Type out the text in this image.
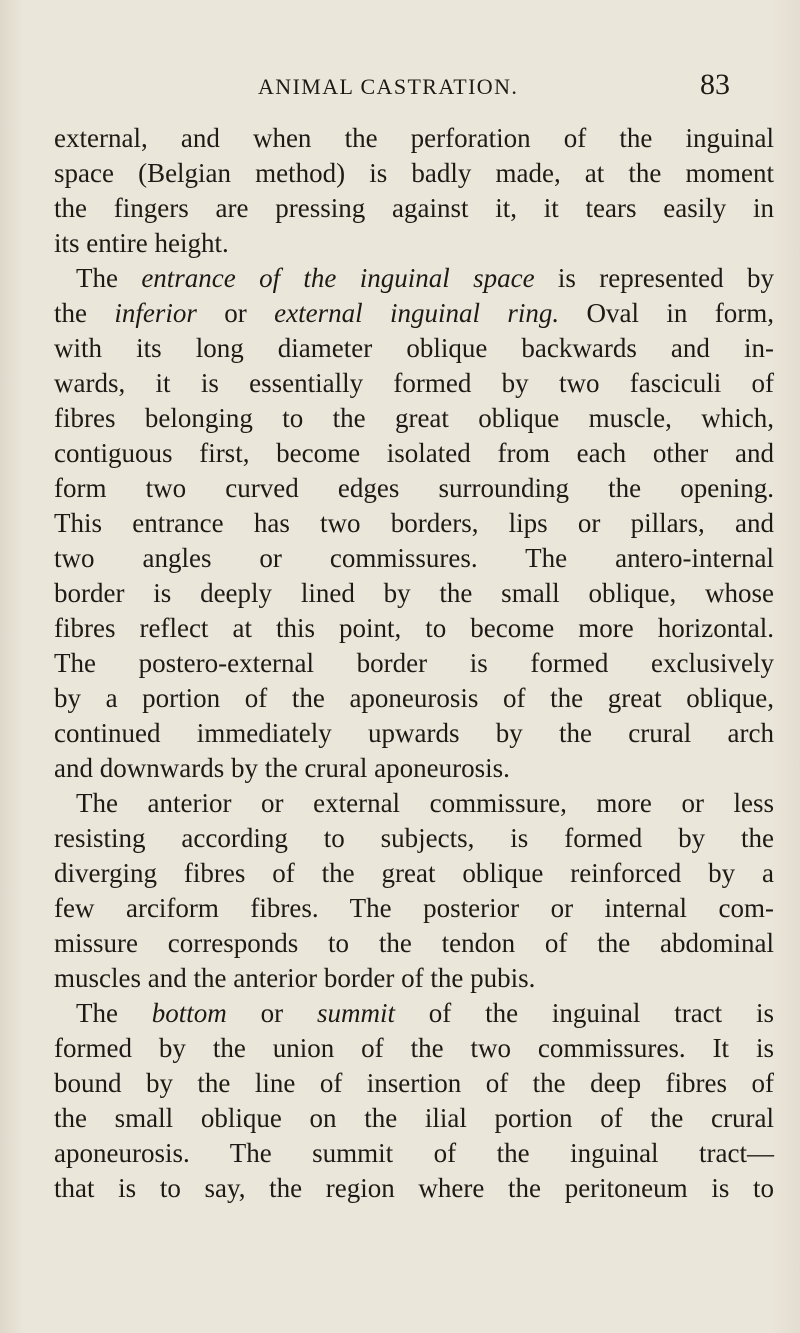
ANIMAL CASTRATION.	83
external, and when the perforation of the inguinal
space (Belgian method) is badly made, at the moment
the fingers are pressing against it, it tears easily in
its entire height.
The entrance of the inguinal space is represented by
the inferior or external inguinal ring. Oval in form,
with its long diameter oblique backwards and in-
wards, it is essentially formed by two fasciculi of
fibres belonging to the great oblique muscle, which,
contiguous first, become isolated from each other and
form two curved edges surrounding the opening.
This entrance has two borders, lips or pillars, and
two angles or commissures. The antero-internal
border is deeply lined by the small oblique, whose
fibres reflect at this point, to become more horizontal.
The postero-external border is formed exclusively
by a portion of the aponeurosis of the great oblique,
continued immediately upwards by the crural arch
and downwards by the crural aponeurosis.
The anterior or external commissure, more or less
resisting according to subjects, is formed by the
diverging fibres of the great oblique reinforced by a
few arciform fibres. The posterior or internal com-
missure corresponds to the tendon of the abdominal
muscles and the anterior border of the pubis.
The bottom or summit of the inguinal tract is
formed by the union of the two commissures. It is
bound by the line of insertion of the deep fibres of
the small oblique on the ilial portion of the crural
aponeurosis. The summit of the inguinal tract—
that is to say, the region where the peritoneum is to
